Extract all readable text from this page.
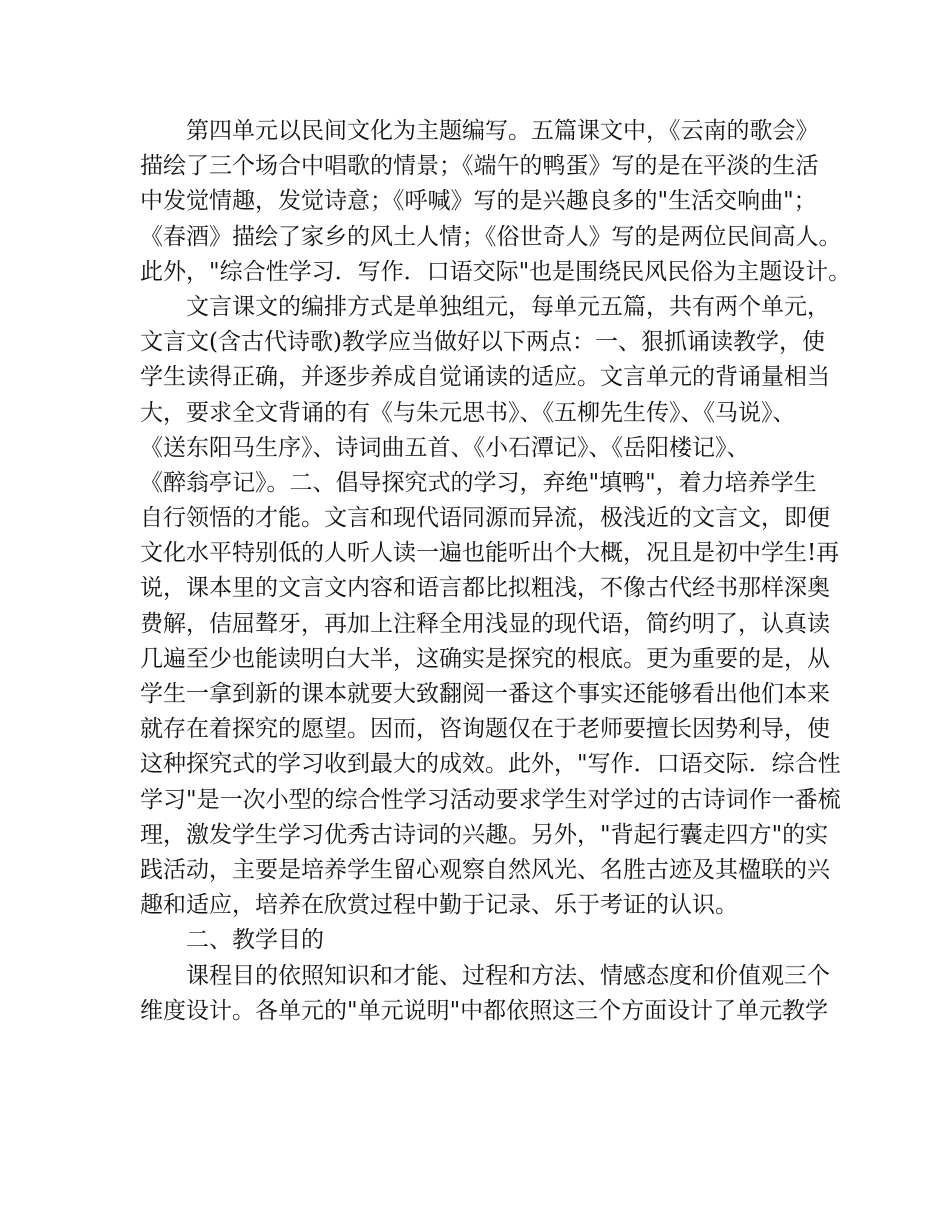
第四单元以民间文化为主题编写。五篇课文中，《云南的歌会》
描绘了三个场合中唱歌的情景；《端午的鸭蛋》写的是在平淡的生活
中发觉情趣，发觉诗意；《呼喊》写的是兴趣良多的"生活交响曲"；
《春酒》描绘了家乡的风土人情；《俗世奇人》写的是两位民间高人。
此外，"综合性学习．写作．口语交际"也是围绕民风民俗为主题设计。
文言课文的编排方式是单独组元，每单元五篇，共有两个单元，
文言文(含古代诗歌)教学应当做好以下两点：一、狠抓诵读教学，使
学生读得正确，并逐步养成自觉诵读的适应。文言单元的背诵量相当
大，要求全文背诵的有《与朱元思书》、《五柳先生传》、《马说》、
《送东阳马生序》、诗词曲五首、《小石潭记》、《岳阳楼记》、
《醉翁亭记》。二、倡导探究式的学习，弃绝"填鸭"，着力培养学生
自行领悟的才能。文言和现代语同源而异流，极浅近的文言文，即便
文化水平特别低的人听人读一遍也能听出个大概，况且是初中学生!再
说，课本里的文言文内容和语言都比拟粗浅，不像古代经书那样深奥
费解，佶屈聱牙，再加上注释全用浅显的现代语，简约明了，认真读
几遍至少也能读明白大半，这确实是探究的根底。更为重要的是，从
学生一拿到新的课本就要大致翻阅一番这个事实还能够看出他们本来
就存在着探究的愿望。因而，咨询题仅在于老师要擅长因势利导，使
这种探究式的学习收到最大的成效。此外，"写作．口语交际．综合性
学习"是一次小型的综合性学习活动要求学生对学过的古诗词作一番梳
理，激发学生学习优秀古诗词的兴趣。另外，"背起行囊走四方"的实
践活动，主要是培养学生留心观察自然风光、名胜古迹及其楹联的兴
趣和适应，培养在欣赏过程中勤于记录、乐于考证的认识。
二、教学目的
课程目的依照知识和才能、过程和方法、情感态度和价值观三个
维度设计。各单元的"单元说明"中都依照这三个方面设计了单元教学
